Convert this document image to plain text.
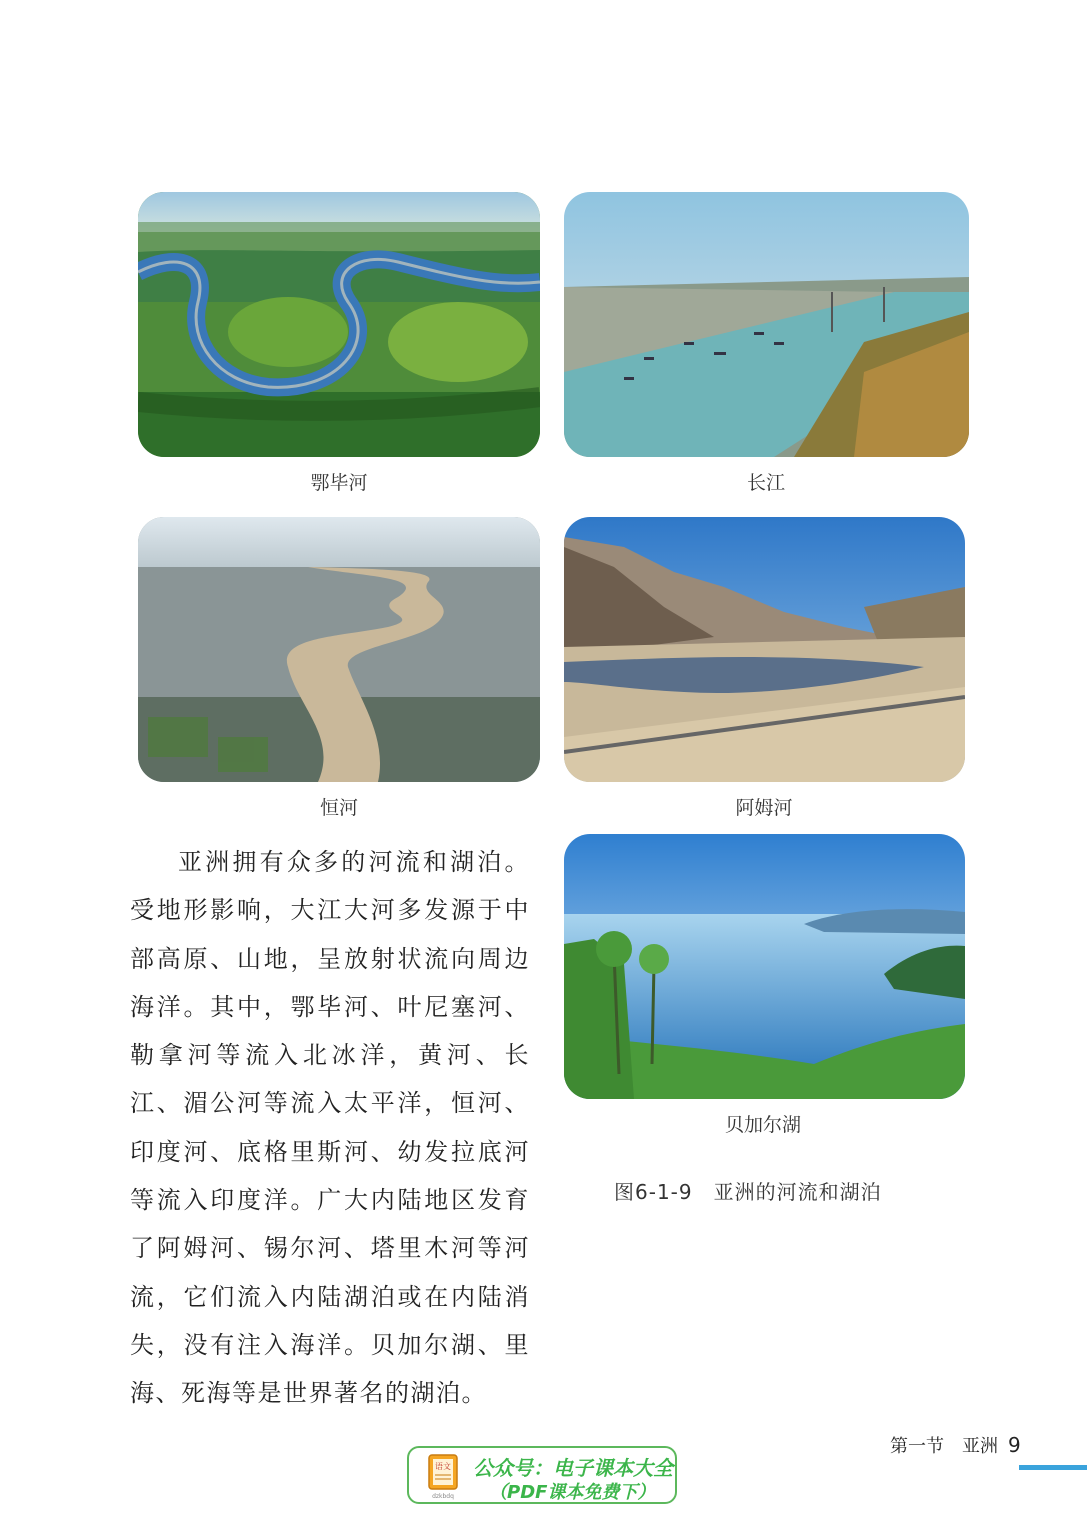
鄂毕河	长江
恒河	阿姆河
贝加尔湖
图6-1-9　亚洲的河流和湖泊
亚洲拥有众多的河流和湖泊。受地形影响，大江大河多发源于中部高原、山地，呈放射状流向周边海洋。其中，鄂毕河、叶尼塞河、勒拿河等流入北冰洋，黄河、长江、湄公河等流入太平洋，恒河、印度河、底格里斯河、幼发拉底河等流入印度洋。广大内陆地区发育了阿姆河、锡尔河、塔里木河等河流，它们流入内陆湖泊或在内陆消失，没有注入海洋。贝加尔湖、里海、死海等是世界著名的湖泊。
第一节　亚洲 9
语文
dzkbdq
公众号：电子课本大全
（PDF课本免费下）
